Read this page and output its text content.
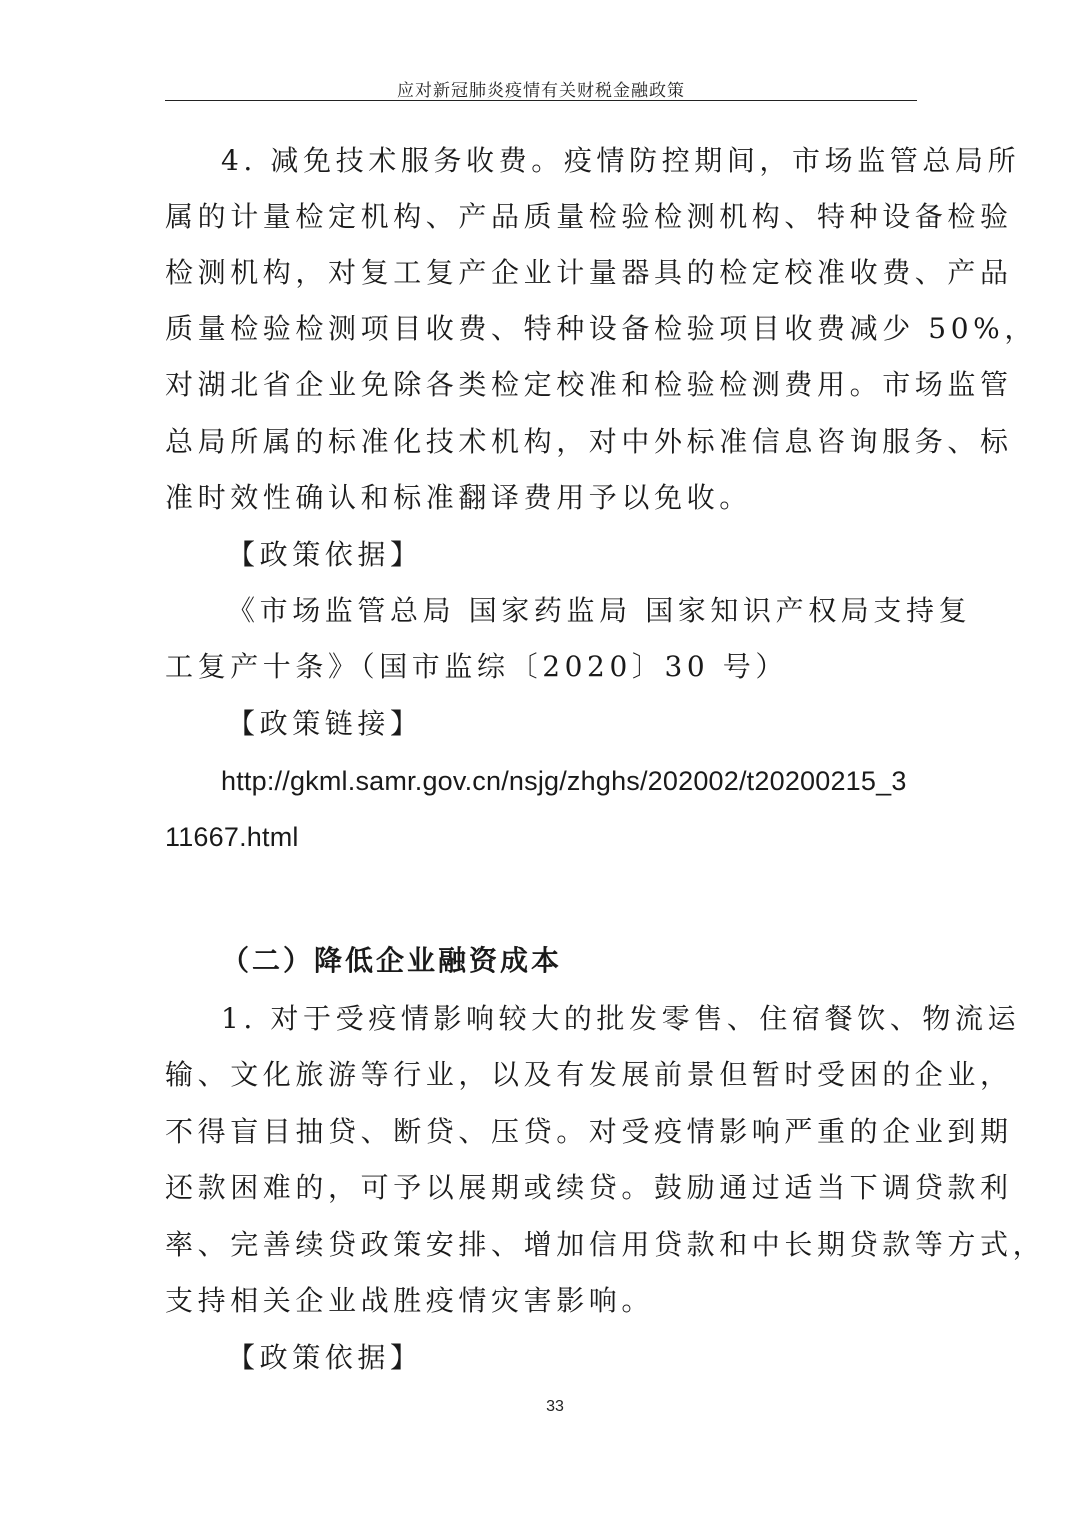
应对新冠肺炎疫情有关财税金融政策
4. 减免技术服务收费。疫情防控期间，市场监管总局所
属的计量检定机构、产品质量检验检测机构、特种设备检验
检测机构，对复工复产企业计量器具的检定校准收费、产品
质量检验检测项目收费、特种设备检验项目收费减少 50%，
对湖北省企业免除各类检定校准和检验检测费用。市场监管
总局所属的标准化技术机构，对中外标准信息咨询服务、标
准时效性确认和标准翻译费用予以免收。
【政策依据】
《市场监管总局 国家药监局 国家知识产权局支持复
工复产十条》（国市监综〔2020〕30 号）
【政策链接】
http://gkml.samr.gov.cn/nsjg/zhghs/202002/t20200215_3
11667.html
（二）降低企业融资成本
1. 对于受疫情影响较大的批发零售、住宿餐饮、物流运
输、文化旅游等行业，以及有发展前景但暂时受困的企业，
不得盲目抽贷、断贷、压贷。对受疫情影响严重的企业到期
还款困难的，可予以展期或续贷。鼓励通过适当下调贷款利
率、完善续贷政策安排、增加信用贷款和中长期贷款等方式，
支持相关企业战胜疫情灾害影响。
【政策依据】
33
